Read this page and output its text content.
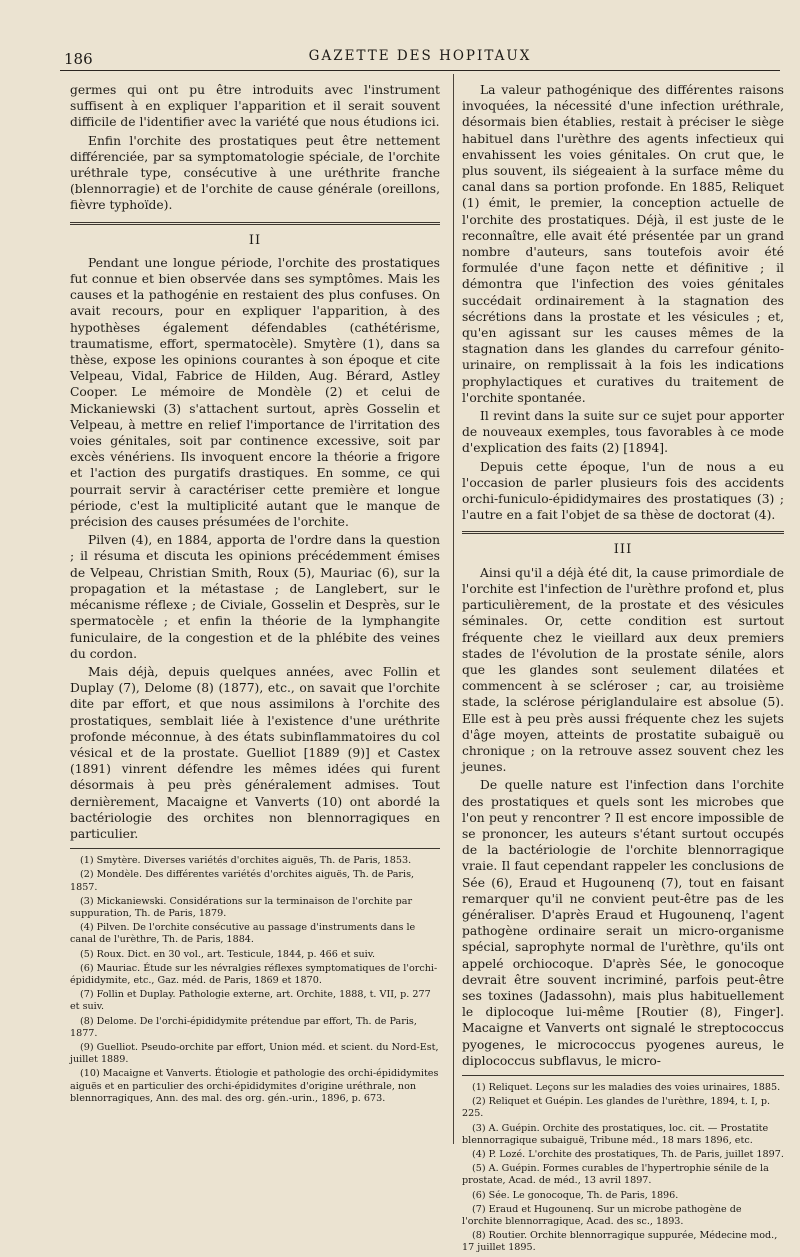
186	GAZETTE DES HOPITAUX

germes qui ont pu être introduits avec l'instrument suffisent à en expliquer l'apparition et il serait souvent difficile de l'identifier avec la variété que nous étudions ici.

Enfin l'orchite des prostatiques peut être nettement différenciée, par sa symptomatologie spéciale, de l'orchite uréthrale type, consécutive à une uréthrite franche (blennorragie) et de l'orchite de cause générale (oreillons, fièvre typhoïde).

II

Pendant une longue période, l'orchite des prostatiques fut connue et bien observée dans ses symptômes. Mais les causes et la pathogénie en restaient des plus confuses. On avait recours, pour en expliquer l'apparition, à des hypothèses également défendables (cathétérisme, traumatisme, effort, spermatocèle). Smytère (1), dans sa thèse, expose les opinions courantes à son époque et cite Velpeau, Vidal, Fabrice de Hilden, Aug. Bérard, Astley Cooper. Le mémoire de Mondèle (2) et celui de Mickaniewski (3) s'attachent surtout, après Gosselin et Velpeau, à mettre en relief l'importance de l'irritation des voies génitales, soit par continence excessive, soit par excès vénériens. Ils invoquent encore la théorie a frigore et l'action des purgatifs drastiques. En somme, ce qui pourrait servir à caractériser cette première et longue période, c'est la multiplicité autant que le manque de précision des causes présumées de l'orchite.

Pilven (4), en 1884, apporta de l'ordre dans la question ; il résuma et discuta les opinions précédemment émises de Velpeau, Christian Smith, Roux (5), Mauriac (6), sur la propagation et la métastase ; de Langlebert, sur le mécanisme réflexe ; de Civiale, Gosselin et Desprès, sur le spermatocèle ; et enfin la théorie de la lymphangite funiculaire, de la congestion et de la phlébite des veines du cordon.

Mais déjà, depuis quelques années, avec Follin et Duplay (7), Delome (8) (1877), etc., on savait que l'orchite dite par effort, et que nous assimilons à l'orchite des prostatiques, semblait liée à l'existence d'une uréthrite profonde méconnue, à des états subinflammatoires du col vésical et de la prostate. Guelliot [1889 (9)] et Castex (1891) vinrent défendre les mêmes idées qui furent désormais à peu près généralement admises. Tout dernièrement, Macaigne et Vanverts (10) ont abordé la bactériologie des orchites non blennorragiques en particulier.

(1) Smytère. Diverses variétés d'orchites aiguës, Th. de Paris, 1853.
(2) Mondèle. Des différentes variétés d'orchites aiguës, Th. de Paris, 1857.
(3) Mickaniewski. Considérations sur la terminaison de l'orchite par suppuration, Th. de Paris, 1879.
(4) Pilven. De l'orchite consécutive au passage d'instruments dans le canal de l'urèthre, Th. de Paris, 1884.
(5) Roux. Dict. en 30 vol., art. Testicule, 1844, p. 466 et suiv.
(6) Mauriac. Étude sur les névralgies réflexes symptomatiques de l'orchi-épididymite, etc., Gaz. méd. de Paris, 1869 et 1870.
(7) Follin et Duplay. Pathologie externe, art. Orchite, 1888, t. VII, p. 277 et suiv.
(8) Delome. De l'orchi-épididymite prétendue par effort, Th. de Paris, 1877.
(9) Guelliot. Pseudo-orchite par effort, Union méd. et scient. du Nord-Est, juillet 1889.
(10) Macaigne et Vanverts. Étiologie et pathologie des orchi-épididymites aiguës et en particulier des orchi-épididymites d'origine uréthrale, non blennorragiques, Ann. des mal. des org. gén.-urin., 1896, p. 673.

La valeur pathogénique des différentes raisons invoquées, la nécessité d'une infection uréthrale, désormais bien établies, restait à préciser le siège habituel dans l'urèthre des agents infectieux qui envahissent les voies génitales. On crut que, le plus souvent, ils siégeaient à la surface même du canal dans sa portion profonde. En 1885, Reliquet (1) émit, le premier, la conception actuelle de l'orchite des prostatiques. Déjà, il est juste de le reconnaître, elle avait été présentée par un grand nombre d'auteurs, sans toutefois avoir été formulée d'une façon nette et définitive ; il démontra que l'infection des voies génitales succédait ordinairement à la stagnation des sécrétions dans la prostate et les vésicules ; et, qu'en agissant sur les causes mêmes de la stagnation dans les glandes du carrefour génito-urinaire, on remplissait à la fois les indications prophylactiques et curatives du traitement de l'orchite spontanée.

Il revint dans la suite sur ce sujet pour apporter de nouveaux exemples, tous favorables à ce mode d'explication des faits (2) [1894].

Depuis cette époque, l'un de nous a eu l'occasion de parler plusieurs fois des accidents orchi-funiculo-épididymaires des prostatiques (3) ; l'autre en a fait l'objet de sa thèse de doctorat (4).

III

Ainsi qu'il a déjà été dit, la cause primordiale de l'orchite est l'infection de l'urèthre profond et, plus particulièrement, de la prostate et des vésicules séminales. Or, cette condition est surtout fréquente chez le vieillard aux deux premiers stades de l'évolution de la prostate sénile, alors que les glandes sont seulement dilatées et commencent à se scléroser ; car, au troisième stade, la sclérose périglandulaire est absolue (5). Elle est à peu près aussi fréquente chez les sujets d'âge moyen, atteints de prostatite subaiguë ou chronique ; on la retrouve assez souvent chez les jeunes.

De quelle nature est l'infection dans l'orchite des prostatiques et quels sont les microbes que l'on peut y rencontrer ? Il est encore impossible de se prononcer, les auteurs s'étant surtout occupés de la bactériologie de l'orchite blennorragique vraie. Il faut cependant rappeler les conclusions de Sée (6), Eraud et Hugounenq (7), tout en faisant remarquer qu'il ne convient peut-être pas de les généraliser. D'après Eraud et Hugounenq, l'agent pathogène ordinaire serait un micro-organisme spécial, saprophyte normal de l'urèthre, qu'ils ont appelé orchiocoque. D'après Sée, le gonocoque devrait être souvent incriminé, parfois peut-être ses toxines (Jadassohn), mais plus habituellement le diplocoque lui-même [Routier (8), Finger]. Macaigne et Vanverts ont signalé le streptococcus pyogenes, le micrococcus pyogenes aureus, le diplococcus subflavus, le micro-

(1) Reliquet. Leçons sur les maladies des voies urinaires, 1885.
(2) Reliquet et Guépin. Les glandes de l'urèthre, 1894, t. I, p. 225.
(3) A. Guépin. Orchite des prostatiques, loc. cit. — Prostatite blennorragique subaiguë, Tribune méd., 18 mars 1896, etc.
(4) P. Lozé. L'orchite des prostatiques, Th. de Paris, juillet 1897.
(5) A. Guépin. Formes curables de l'hypertrophie sénile de la prostate, Acad. de méd., 13 avril 1897.
(6) Sée. Le gonocoque, Th. de Paris, 1896.
(7) Eraud et Hugounenq. Sur un microbe pathogène de l'orchite blennorragique, Acad. des sc., 1893.
(8) Routier. Orchite blennorragique suppurée, Médecine mod., 17 juillet 1895.
